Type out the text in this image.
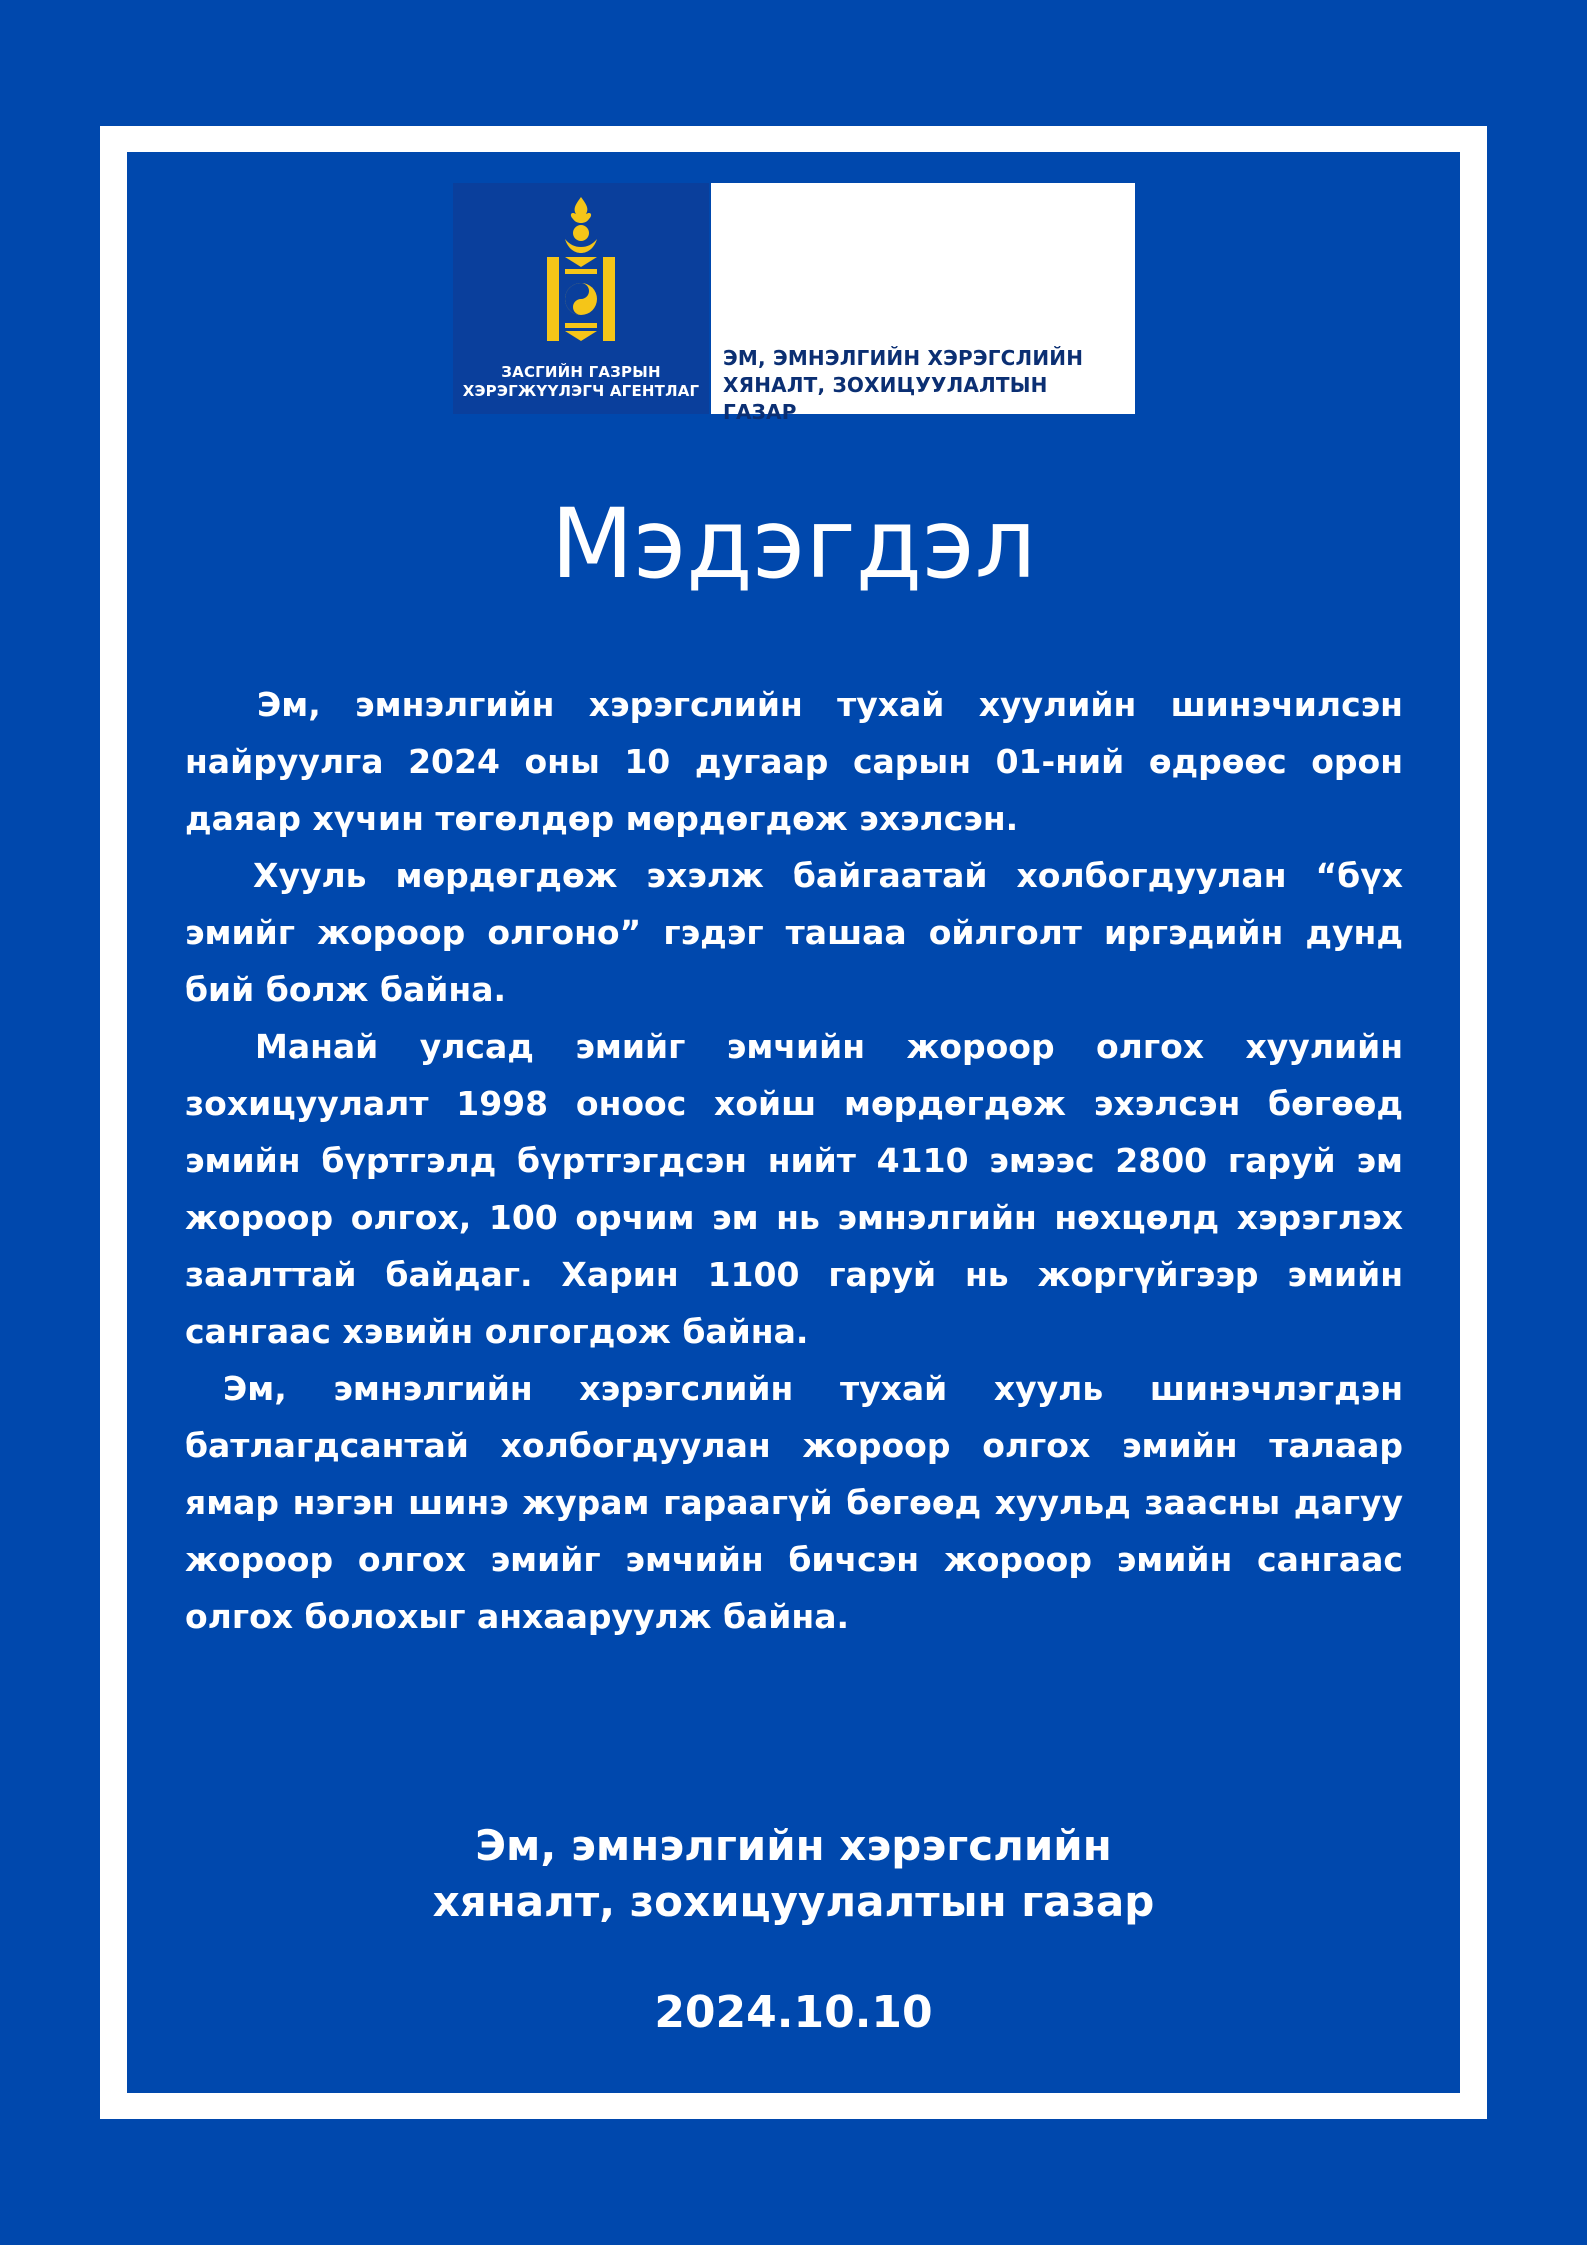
ЗАСГИЙН ГАЗРЫН
ХЭРЭГЖҮҮЛЭГЧ АГЕНТЛАГ
ЭМ, ЭМНЭЛГИЙН ХЭРЭГСЛИЙН
ХЯНАЛТ, ЗОХИЦУУЛАЛТЫН ГАЗАР
Мэдэгдэл

Эм, эмнэлгийн хэрэгслийн тухай хуулийн шинэчилсэн найруулга 2024 оны 10 дугаар сарын 01-ний өдрөөс орон даяар хүчин төгөлдөр мөрдөгдөж эхэлсэн.

Хууль мөрдөгдөж эхэлж байгаатай холбогдуулан “бүх эмийг жороор олгоно” гэдэг ташаа ойлголт иргэдийн дунд бий болж байна.

Манай улсад эмийг эмчийн жороор олгох хуулийн зохицуулалт 1998 оноос хойш мөрдөгдөж эхэлсэн бөгөөд эмийн бүртгэлд бүртгэгдсэн нийт 4110 эмээс 2800 гаруй эм жороор олгох, 100 орчим эм нь эмнэлгийн нөхцөлд хэрэглэх заалттай байдаг. Харин 1100 гаруй нь жоргүйгээр эмийн сангаас хэвийн олгогдож байна.

Эм, эмнэлгийн хэрэгслийн тухай хууль шинэчлэгдэн батлагдсантай холбогдуулан жороор олгох эмийн талаар ямар нэгэн шинэ журам гараагүй бөгөөд хуульд заасны дагуу жороор олгох эмийг эмчийн бичсэн жороор эмийн сангаас олгох болохыг анхааруулж байна.

Эм, эмнэлгийн хэрэгслийн
хяналт, зохицуулалтын газар
2024.10.10
